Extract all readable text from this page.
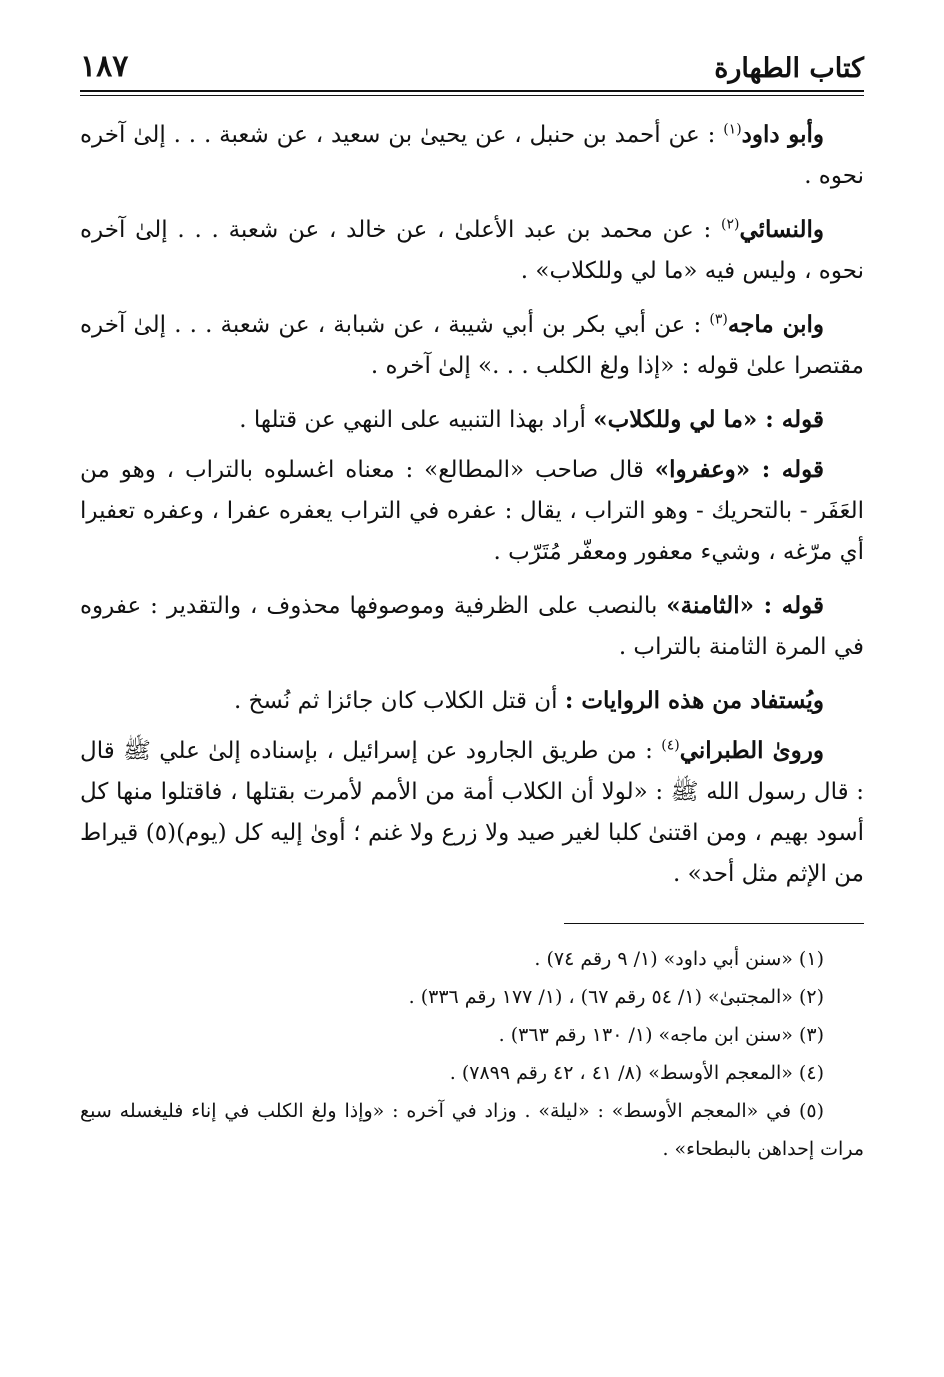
كتاب الطهارة
١٨٧

وأبو داود$^{(١)}$ : عن أحمد بن حنبل ، عن يحيىٰ بن سعيد ، عن شعبة . . . إلىٰ آخره نحوه .

والنسائي$^{(٢)}$ : عن محمد بن عبد الأعلىٰ ، عن خالد ، عن شعبة . . . إلىٰ آخره نحوه ، وليس فيه «ما لي وللكلاب» .

وابن ماجه$^{(٣)}$ : عن أبي بكر بن أبي شيبة ، عن شبابة ، عن شعبة . . . إلىٰ آخره مقتصرا علىٰ قوله : «إذا ولغ الكلب . . .» إلىٰ آخره .

قوله : «ما لي وللكلاب» أراد بهذا التنبيه على النهي عن قتلها .

قوله : «وعفروا» قال صاحب «المطالع» : معناه اغسلوه بالتراب ، وهو من العَفَر - بالتحريك - وهو التراب ، يقال : عفره في التراب يعفره عفرا ، وعفره تعفيرا أي مرّغه ، وشيء معفور ومعفّر مُتَرّب .

قوله : «الثامنة» بالنصب على الظرفية وموصوفها محذوف ، والتقدير : عفروه في المرة الثامنة بالتراب .

ويُستفاد من هذه الروايات : أن قتل الكلاب كان جائزا ثم نُسخ .

وروىٰ الطبراني$^{(٤)}$ : من طريق الجارود عن إسرائيل ، بإسناده إلىٰ علي ﷺ قال : قال رسول الله ﷺ : «لولا أن الكلاب أمة من الأمم لأمرت بقتلها ، فاقتلوا منها كل أسود بهيم ، ومن اقتنىٰ كلبا لغير صيد ولا زرع ولا غنم ؛ أوىٰ إليه كل (يوم)(٥) قيراط من الإثم مثل أحد» .

(١) «سنن أبي داود» (١/ ٩ رقم ٧٤) .

(٢) «المجتبىٰ» (١/ ٥٤ رقم ٦٧) ، (١/ ١٧٧ رقم ٣٣٦) .

(٣) «سنن ابن ماجه» (١/ ١٣٠ رقم ٣٦٣) .

(٤) «المعجم الأوسط» (٨/ ٤١ ، ٤٢ رقم ٧٨٩٩) .

(٥) في «المعجم الأوسط» : «ليلة» . وزاد في آخره : «وإذا ولغ الكلب في إناء فليغسله سبع مرات إحداهن بالبطحاء» .
